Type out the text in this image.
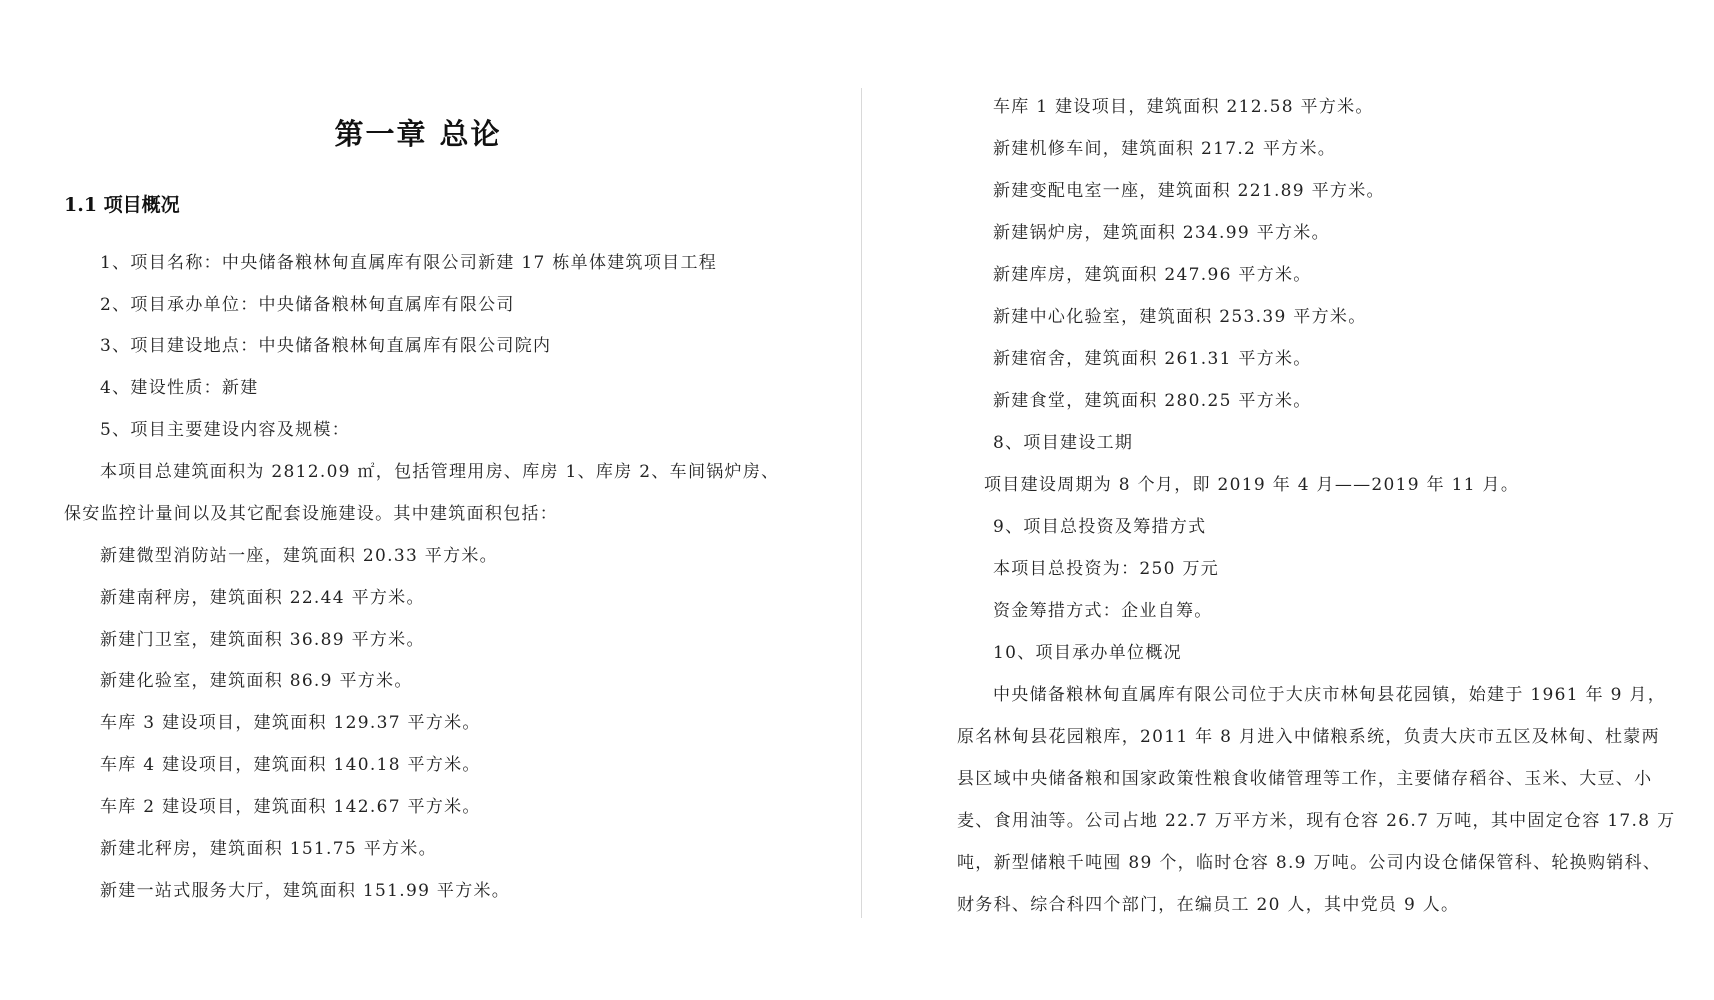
第一章 总论
1.1 项目概况
1、项目名称：中央储备粮林甸直属库有限公司新建 17 栋单体建筑项目工程
2、项目承办单位：中央储备粮林甸直属库有限公司
3、项目建设地点：中央储备粮林甸直属库有限公司院内
4、建设性质：新建
5、项目主要建设内容及规模：
本项目总建筑面积为 2812.09 ㎡，包括管理用房、库房 1、库房 2、车间锅炉房、
保安监控计量间以及其它配套设施建设。其中建筑面积包括：
新建微型消防站一座，建筑面积 20.33 平方米。
新建南秤房，建筑面积 22.44 平方米。
新建门卫室，建筑面积 36.89 平方米。
新建化验室，建筑面积 86.9 平方米。
车库 3 建设项目，建筑面积 129.37 平方米。
车库 4 建设项目，建筑面积 140.18 平方米。
车库 2 建设项目，建筑面积 142.67 平方米。
新建北秤房，建筑面积 151.75 平方米。
新建一站式服务大厅，建筑面积 151.99 平方米。
车库 1 建设项目，建筑面积 212.58 平方米。
新建机修车间，建筑面积 217.2 平方米。
新建变配电室一座，建筑面积 221.89 平方米。
新建锅炉房，建筑面积 234.99 平方米。
新建库房，建筑面积 247.96 平方米。
新建中心化验室，建筑面积 253.39 平方米。
新建宿舍，建筑面积 261.31 平方米。
新建食堂，建筑面积 280.25 平方米。
8、项目建设工期
项目建设周期为 8 个月，即 2019 年 4 月——2019 年 11 月。
9、项目总投资及筹措方式
本项目总投资为：250 万元
资金筹措方式：企业自筹。
10、项目承办单位概况
中央储备粮林甸直属库有限公司位于大庆市林甸县花园镇，始建于 1961 年 9 月，
原名林甸县花园粮库，2011 年 8 月进入中储粮系统，负责大庆市五区及林甸、杜蒙两
县区域中央储备粮和国家政策性粮食收储管理等工作，主要储存稻谷、玉米、大豆、小
麦、食用油等。公司占地 22.7 万平方米，现有仓容 26.7 万吨，其中固定仓容 17.8 万
吨，新型储粮千吨囤 89 个，临时仓容 8.9 万吨。公司内设仓储保管科、轮换购销科、
财务科、综合科四个部门，在编员工 20 人，其中党员 9 人。
